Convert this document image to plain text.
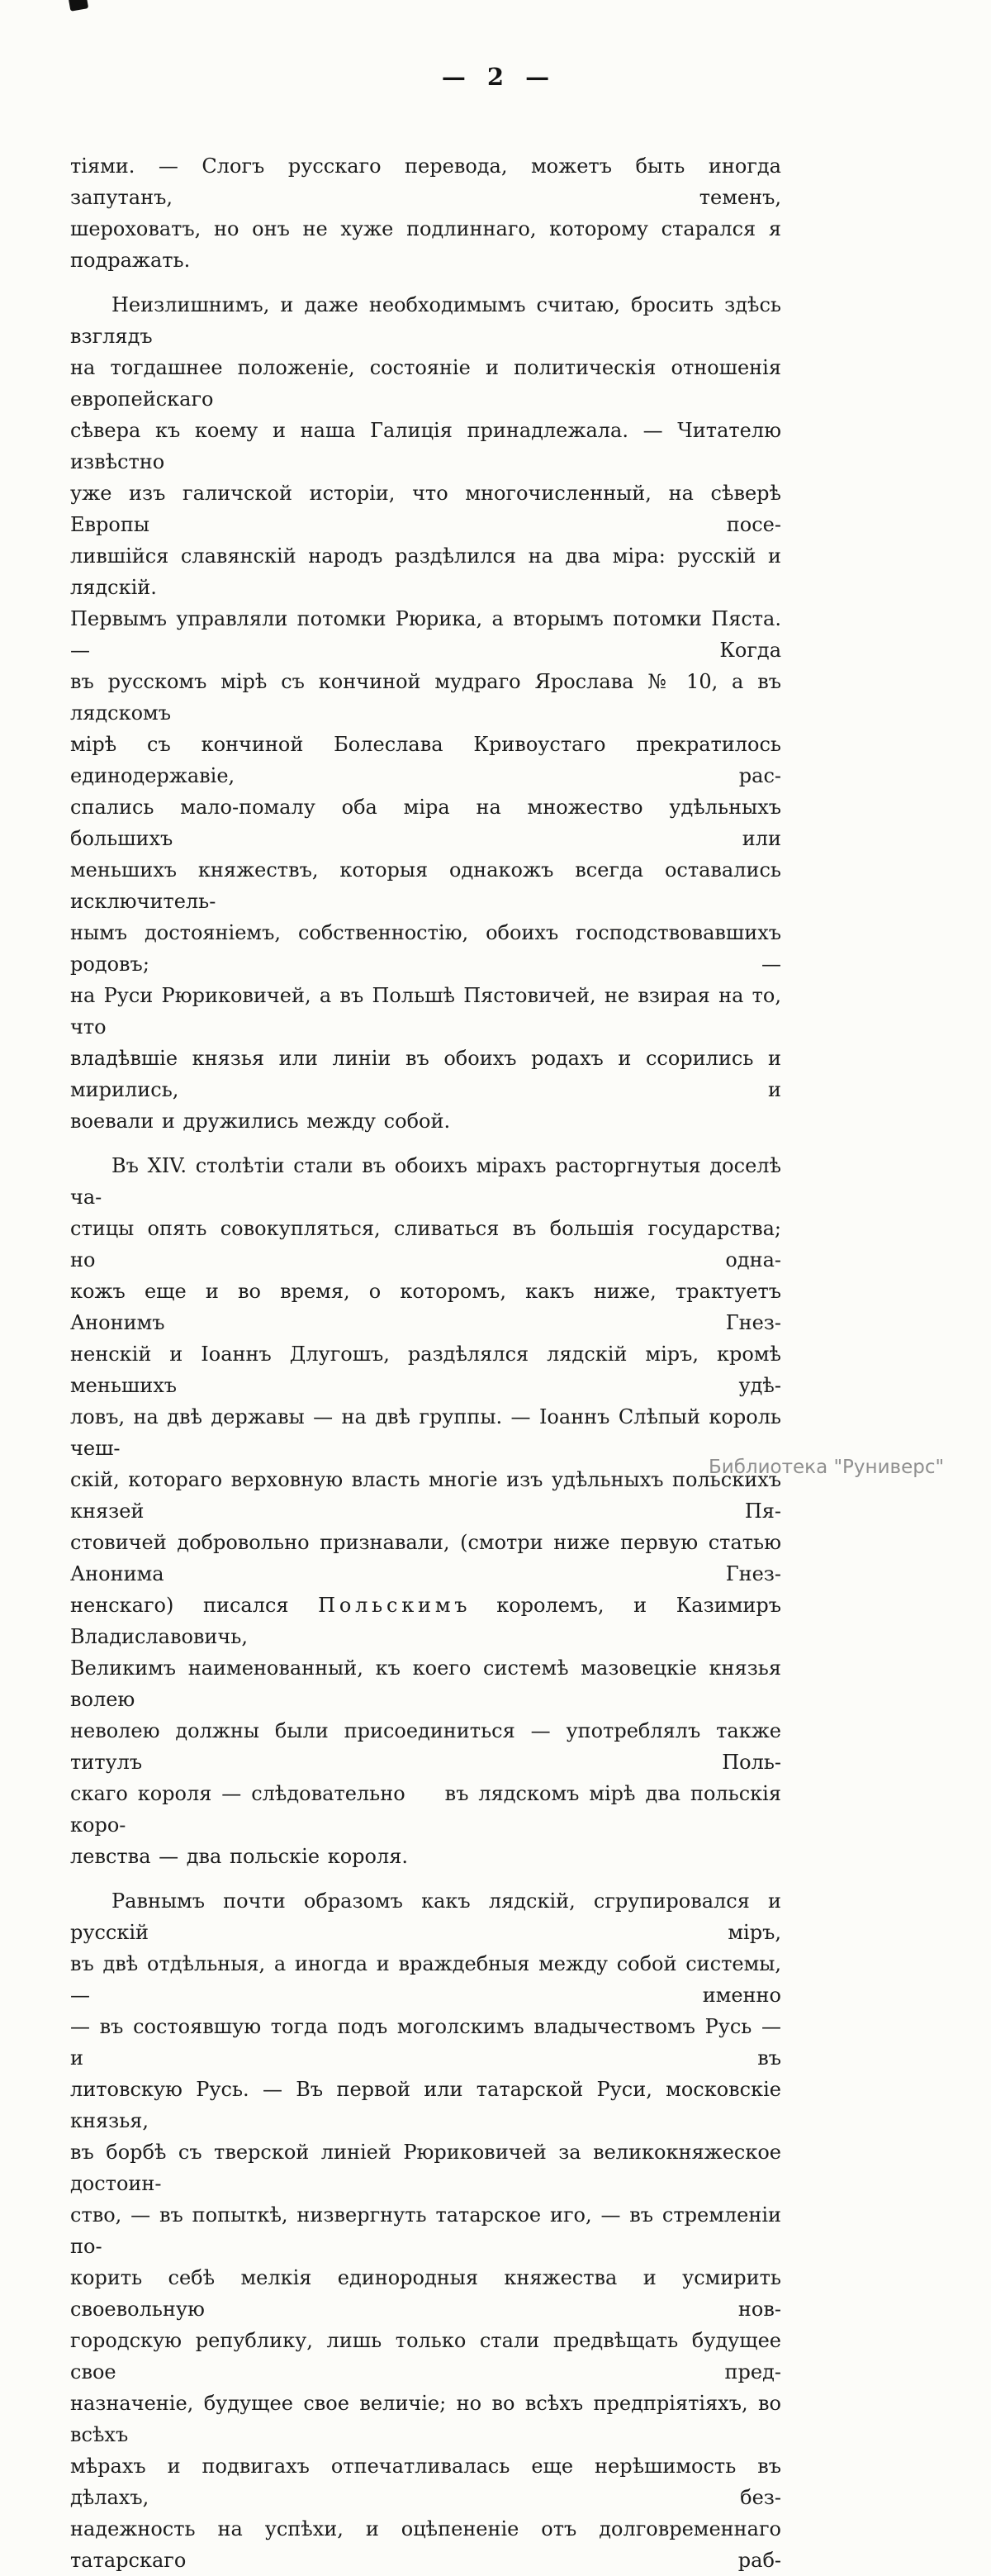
— 2 —
тіями. — Слогъ русскаго перевода, можетъ быть иногда запутанъ, теменъ,
шероховатъ, но онъ не хуже подлиннаго, которому старался я подражать.
Неизлишнимъ, и даже необходимымъ считаю, бросить здѣсь взглядъ
на тогдашнее положеніе, состояніе и политическія отношенія европейскаго
сѣвера къ коему и наша Галиція принадлежала. — Читателю извѣстно
уже изъ галичской исторіи, что многочисленный, на сѣверѣ Европы посе-
лившійся славянскій народъ раздѣлился на два міра: русскій и лядскій.
Первымъ управляли потомки Рюрика, а вторымъ потомки Пяста. — Когда
въ русскомъ мірѣ съ кончиной мудраго Ярослава № 10, а въ лядскомъ
мірѣ съ кончиной Болеслава Кривоустаго прекратилось единодержавіе, рас-
спались мало-помалу оба міра на множество удѣльныхъ большихъ или
меньшихъ княжествъ, которыя однакожъ всегда оставались исключитель-
нымъ достояніемъ, собственностію, обоихъ господствовавшихъ родовъ; —
на Руси Рюриковичей, а въ Польшѣ Пястовичей, не взирая на то, что
владѣвшіе князья или линіи въ обоихъ родахъ и ссорились и мирились, и
воевали и дружились между собой.
Въ XIV. столѣтіи стали въ обоихъ мірахъ расторгнутыя доселѣ ча-
стицы опять совокупляться, сливаться въ большія государства; но одна-
кожъ еще и во время, о которомъ, какъ ниже, трактуетъ Анонимъ Гнез-
ненскій и Іоаннъ Длугошъ, раздѣлялся лядскій міръ, кромѣ меньшихъ удѣ-
ловъ, на двѣ державы — на двѣ группы. — Іоаннъ Слѣпый король чеш-
скій, котораго верховную власть многіе изъ удѣльныхъ польскихъ князей Пя-
стовичей добровольно признавали, (смотри ниже первую статью Анонима Гнез-
ненскаго) писался П о л ь с к и м ъ королемъ, и Казимиръ Владиславовичь,
Великимъ наименованный, къ коего системѣ мазовецкіе князья волею
неволею должны были присоединиться — употреблялъ также титулъ Поль-
скаго короля — слѣдовательно  въ лядскомъ мірѣ два польскія коро-
левства — два польскіе короля.
Равнымъ почти образомъ какъ лядскій, сгрупировался и русскій міръ,
въ двѣ отдѣльныя, а иногда и враждебныя между собой системы, — именно
— въ состоявшую тогда подъ моголскимъ владычествомъ Русь — и въ
литовскую Русь. — Въ первой или татарской Руси, московскіе князья,
въ борбѣ съ тверской линіей Рюриковичей за великокняжеское достоин-
ство, — въ попыткѣ, низвергнуть татарское иго, — въ стремленіи по-
корить себѣ мелкія единородныя княжества и усмирить своевольную нов-
городскую републику, лишь только стали предвѣщать будущее свое пред-
назначеніе, будущее свое величіе; но во всѣхъ предпріятіяхъ, во всѣхъ
мѣрахъ и подвигахъ отпечатливалась еще нерѣшимость въ дѣлахъ, без-
надежность на успѣхи, и оцѣпененіе отъ долговременнаго татарскаго раб-
Библиотека "Руниверс"
